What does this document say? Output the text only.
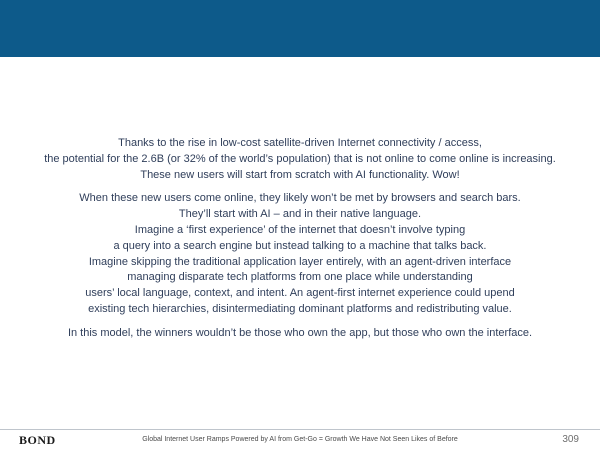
Thanks to the rise in low-cost satellite-driven Internet connectivity / access,
the potential for the 2.6B (or 32% of the world’s population) that is not online to come online is increasing.
These new users will start from scratch with AI functionality. Wow!

When these new users come online, they likely won’t be met by browsers and search bars.
They’ll start with AI – and in their native language.
Imagine a ‘first experience’ of the internet that doesn’t involve typing
a query into a search engine but instead talking to a machine that talks back.
Imagine skipping the traditional application layer entirely, with an agent-driven interface
managing disparate tech platforms from one place while understanding
users’ local language, context, and intent. An agent-first internet experience could upend
existing tech hierarchies, disintermediating dominant platforms and redistributing value.

In this model, the winners wouldn’t be those who own the app, but those who own the interface.

BOND	Global Internet User Ramps Powered by AI from Get-Go = Growth We Have Not Seen Likes of Before	309
